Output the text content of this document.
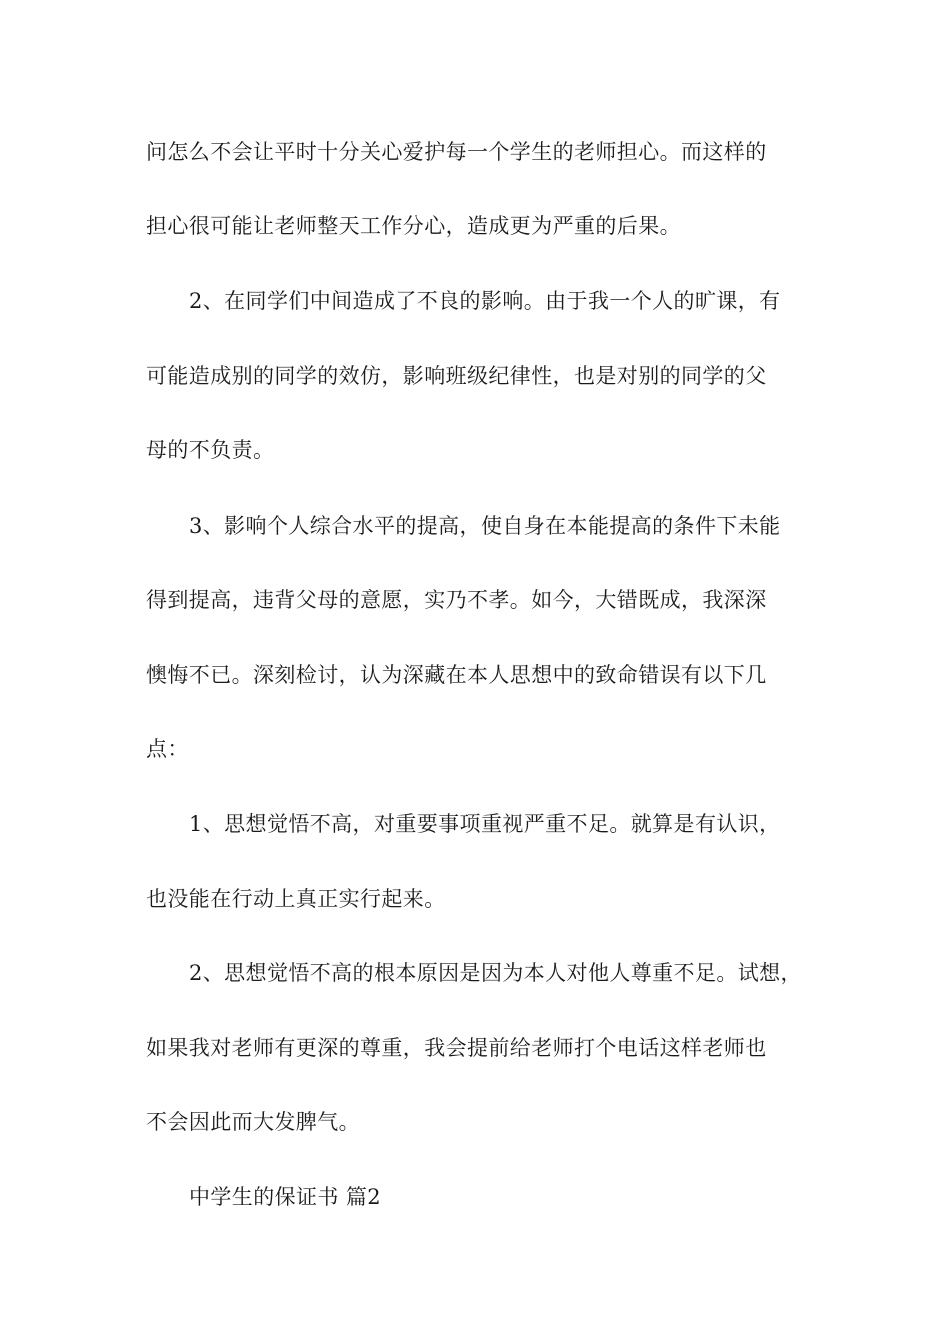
问怎么不会让平时十分关心爱护每一个学生的老师担心。而这样的
担心很可能让老师整天工作分心，造成更为严重的后果。
2、在同学们中间造成了不良的影响。由于我一个人的旷课，有
可能造成别的同学的效仿，影响班级纪律性，也是对别的同学的父
母的不负责。
3、影响个人综合水平的提高，使自身在本能提高的条件下未能
得到提高，违背父母的意愿，实乃不孝。如今，大错既成，我深深
懊悔不已。深刻检讨，认为深藏在本人思想中的致命错误有以下几
点：
1、思想觉悟不高，对重要事项重视严重不足。就算是有认识，
也没能在行动上真正实行起来。
2、思想觉悟不高的根本原因是因为本人对他人尊重不足。试想，
如果我对老师有更深的尊重，我会提前给老师打个电话这样老师也
不会因此而大发脾气。
中学生的保证书 篇2
